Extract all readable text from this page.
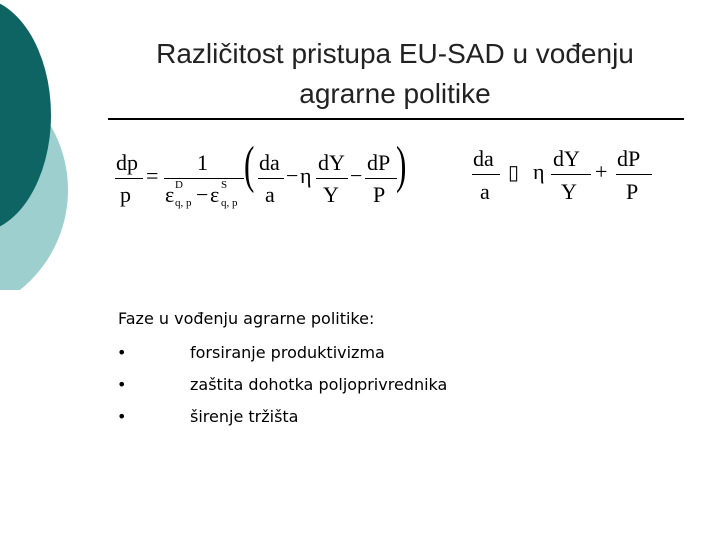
Različitost pristupa EU-SAD u vođenju
agrarne politike
dp
p
=
1
ε D
q, p − ε S
q, p
( da
a
− η
dY
Y
−
dP
P
)	da
a
▯ η
dY
Y
+
dP
P
Faze u vođenju agrarne politike:
•	forsiranje produktivizma
•	zaštita dohotka poljoprivrednika
•	širenje tržišta
